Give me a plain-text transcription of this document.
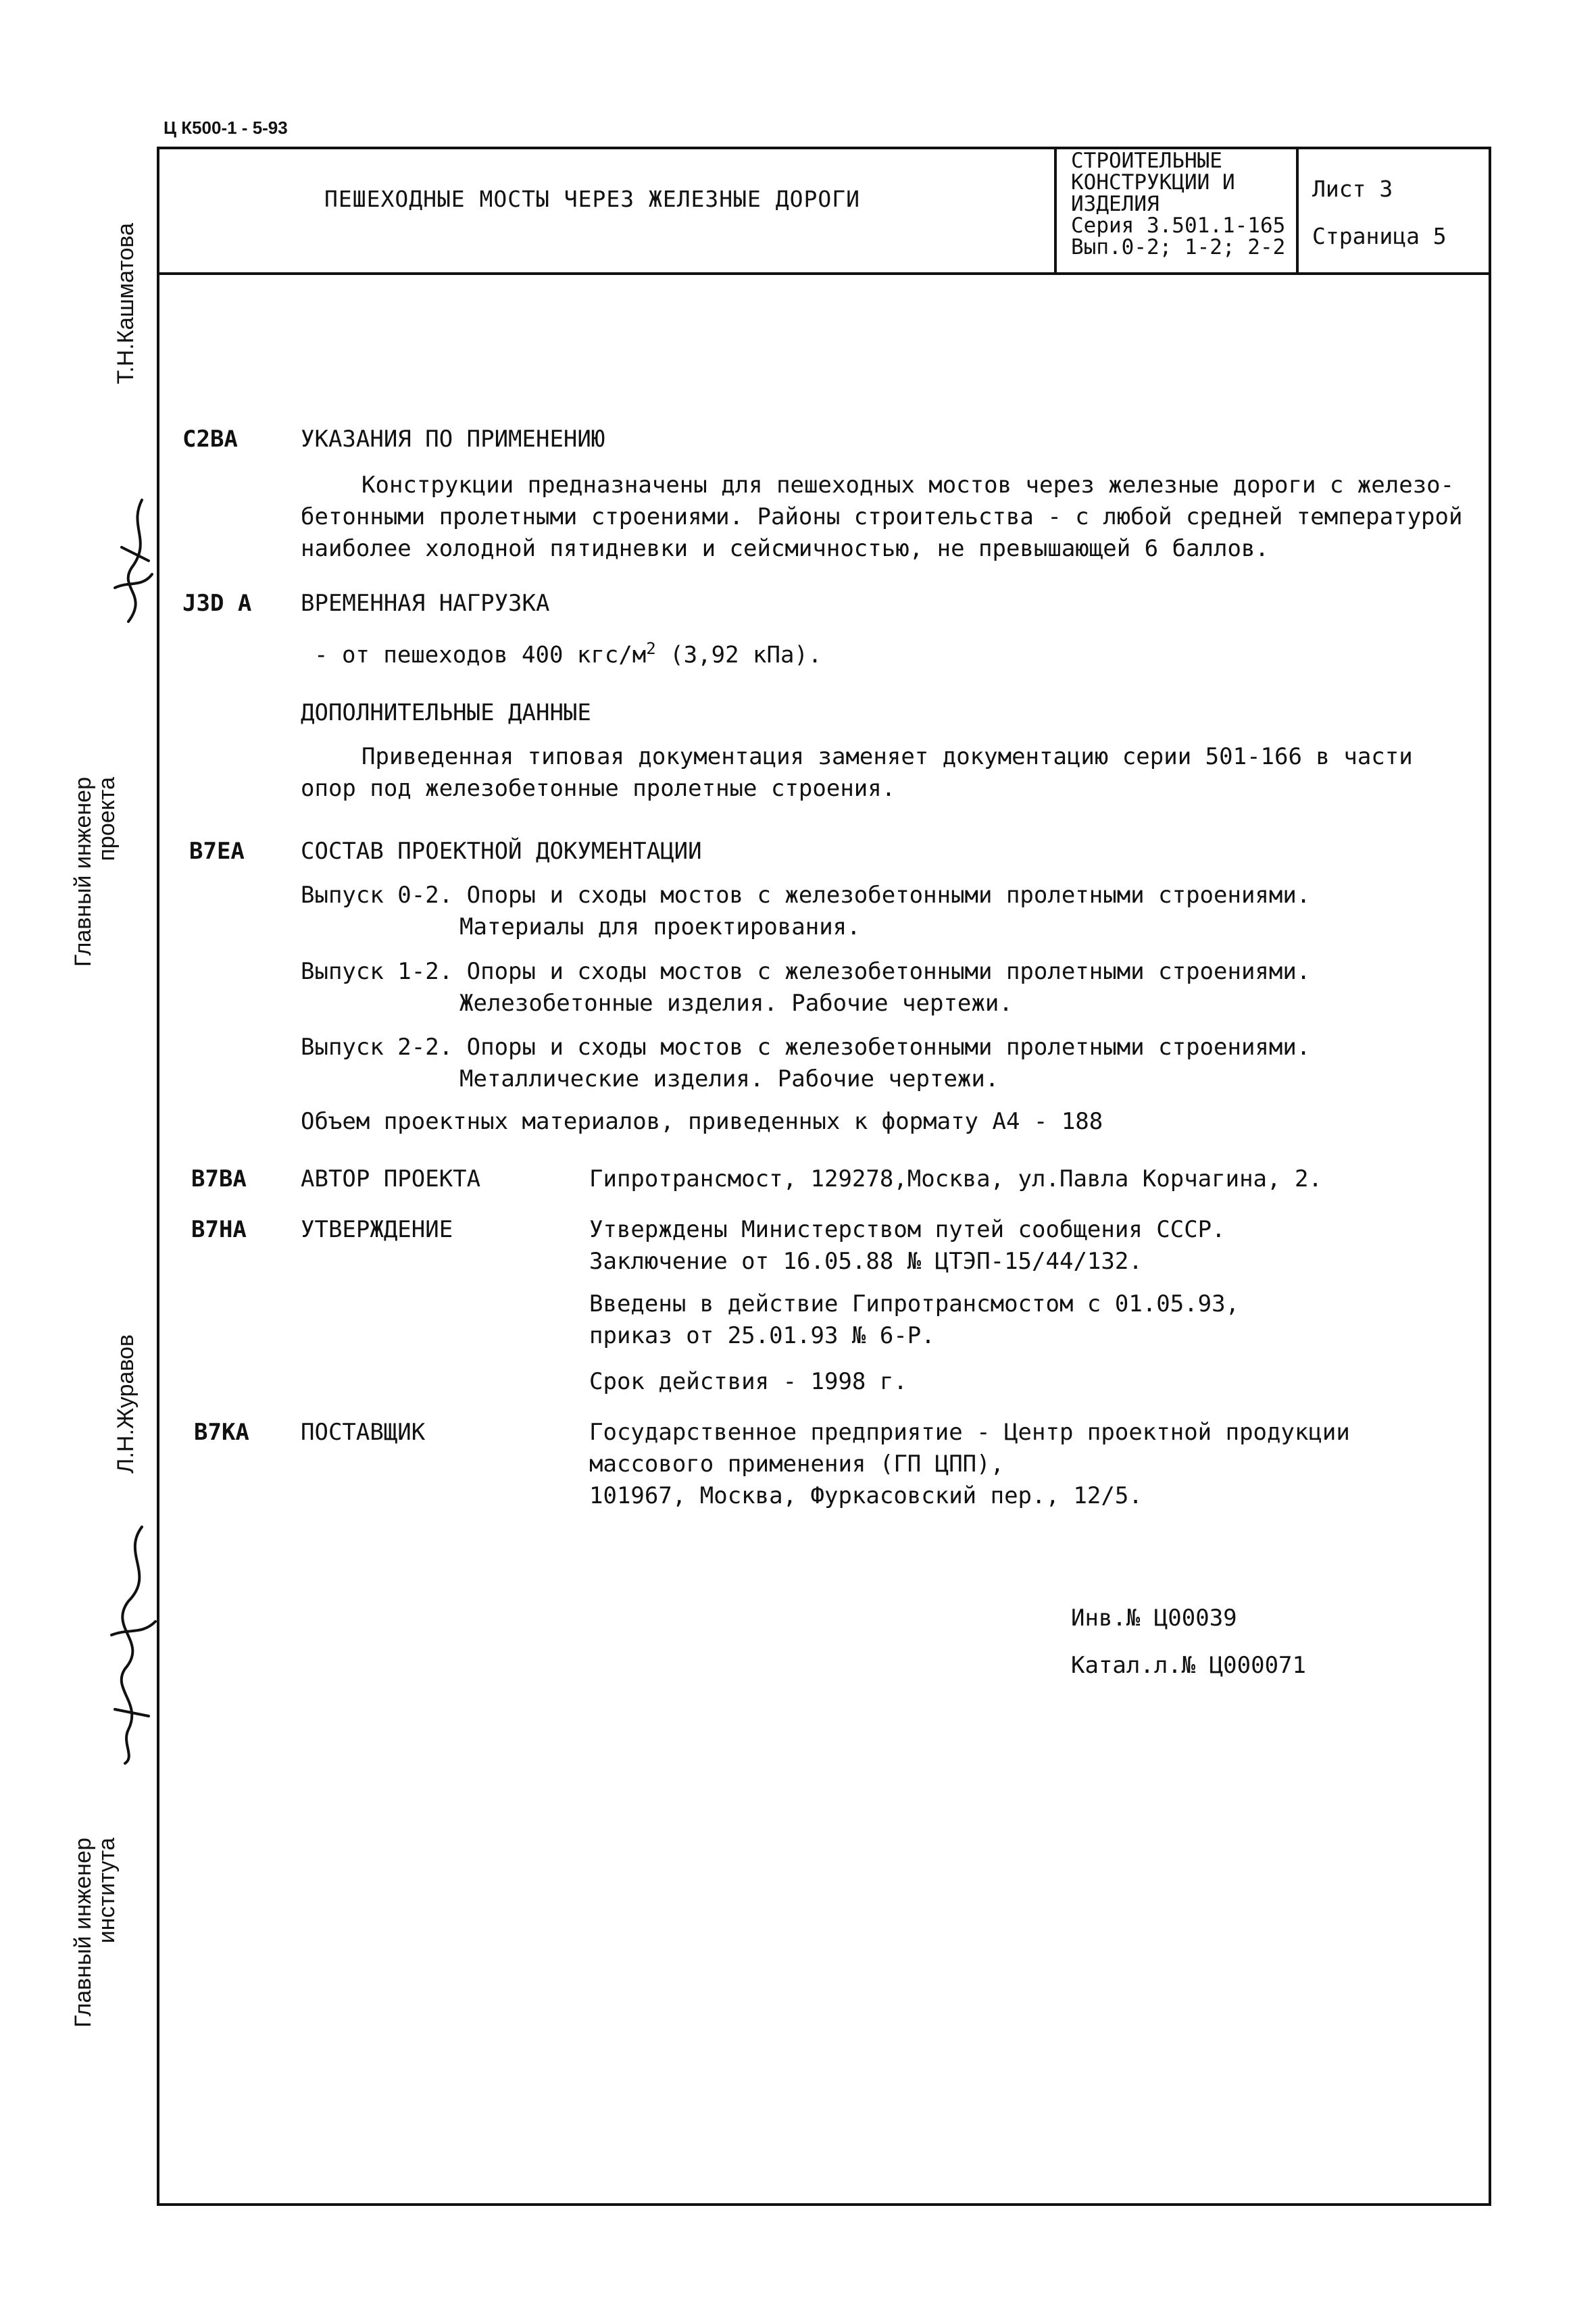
Ц К500-1 - 5-93
ПЕШЕХОДНЫЕ МОСТЫ ЧЕРЕЗ ЖЕЛЕЗНЫЕ ДОРОГИ
СТРОИТЕЛЬНЫЕ
КОНСТРУКЦИИ И
ИЗДЕЛИЯ
Серия 3.501.1-165
Вып.0-2; 1-2; 2-2
Лист 3
Страница 5
Т.Н.Кашматова
Главный инженер
проекта
Л.Н.Журавов
Главный инженер
института
С2ВА	УКАЗАНИЯ ПО ПРИМЕНЕНИЮ
Конструкции предназначены для пешеходных мостов через железные дороги с железо-
бетонными пролетными строениями. Районы строительства - с любой средней температурой
наиболее холодной пятидневки и сейсмичностью, не превышающей 6 баллов.
J3D A ВРЕМЕННАЯ НАГРУЗКА
- от пешеходов 400 кгс/$м^2$ (3,92 кПа).
ДОПОЛНИТЕЛЬНЫЕ ДАННЫЕ
Приведенная типовая документация заменяет документацию серии 501-166 в части
опор под железобетонные пролетные строения.
В7ЕА СОСТАВ ПРОЕКТНОЙ ДОКУМЕНТАЦИИ
Выпуск 0-2. Опоры и сходы мостов с железобетонными пролетными строениями.
Материалы для проектирования.
Выпуск 1-2. Опоры и сходы мостов с железобетонными пролетными строениями.
Железобетонные изделия. Рабочие чертежи.
Выпуск 2-2. Опоры и сходы мостов с железобетонными пролетными строениями.
Металлические изделия. Рабочие чертежи.
Объем проектных материалов, приведенных к формату А4 - 188
В7ВА АВТОР ПРОЕКТА	Гипротрансмост, 129278,Москва, ул.Павла Корчагина, 2.
В7НА УТВЕРЖДЕНИЕ	Утверждены Министерством путей сообщения СССР.
Заключение от 16.05.88 № ЦТЭП-15/44/132.
Введены в действие Гипротрансмостом с 01.05.93,
приказ от 25.01.93 № 6-Р.
Срок действия - 1998 г.
В7КА ПОСТАВЩИК	Государственное предприятие - Центр проектной продукции
массового применения (ГП ЦПП),
101967, Москва, Фуркасовский пер., 12/5.
Инв.№ Ц00039
Катал.л.№ Ц000071
